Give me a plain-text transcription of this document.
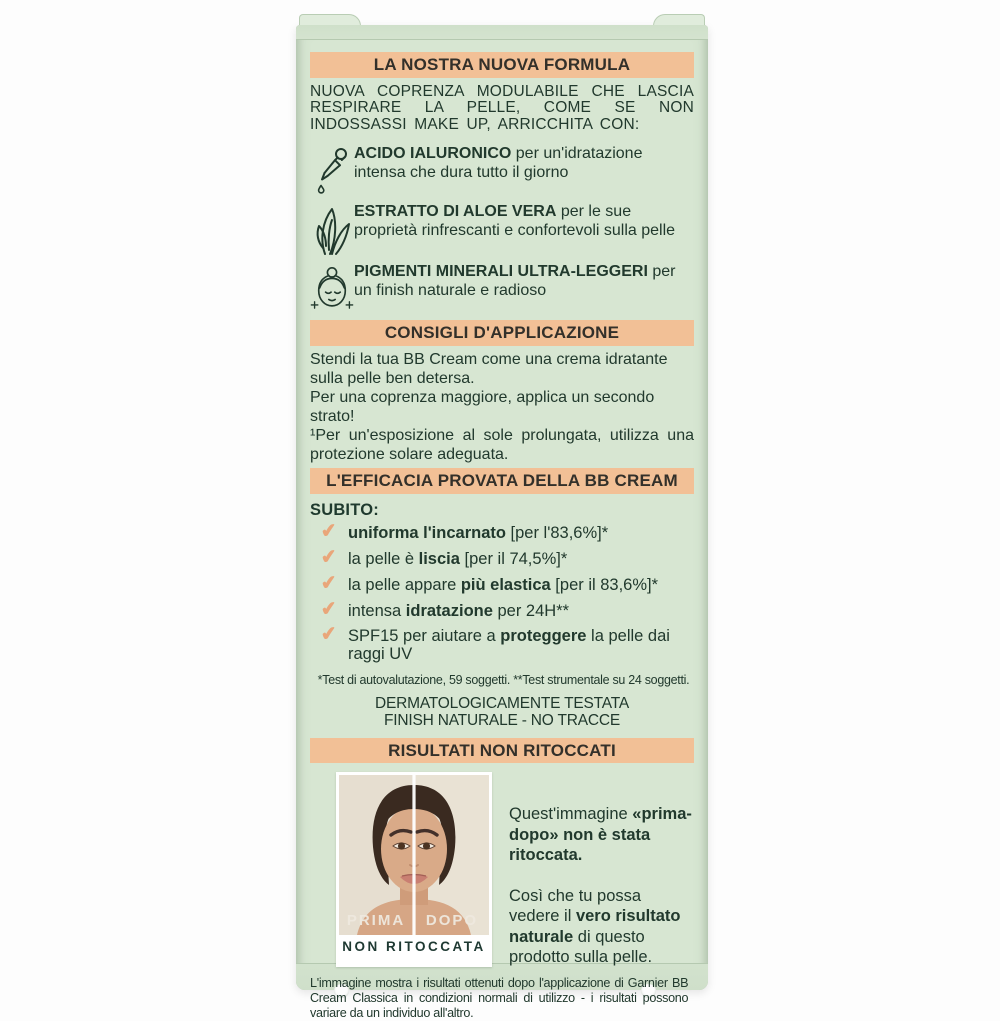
LA NOSTRA NUOVA FORMULA

NUOVA COPRENZA MODULABILE CHE LASCIA RESPIRARE LA PELLE, COME SE NON INDOSSASSI MAKE UP, ARRICCHITA CON:

ACIDO IALURONICO per un'idratazione intensa che dura tutto il giorno
ESTRATTO DI ALOE VERA per le sue proprietà rinfrescanti e confortevoli sulla pelle
PIGMENTI MINERALI ULTRA-LEGGERI per un finish naturale e radioso
CONSIGLI D'APPLICAZIONE

Stendi la tua BB Cream come una crema idratante sulla pelle ben detersa.

Per una coprenza maggiore, applica un secondo strato!

¹Per un'esposizione al sole prolungata, utilizza una protezione solare adeguata.

L'EFFICACIA PROVATA DELLA BB CREAM
SUBITO:
✔ uniforma l'incarnato [per l'83,6%]*
✔ la pelle è liscia [per il 74,5%]*
✔ la pelle appare più elastica [per il 83,6%]*
✔ intensa idratazione per 24H**
✔ SPF15 per aiutare a proteggere la pelle dai raggi UV
*Test di autovalutazione, 59 soggetti. **Test strumentale su 24 soggetti.
DERMATOLOGICAMENTE TESTATA
FINISH NATURALE - NO TRACCE
RISULTATI NON RITOCCATI
PRIMA DOPO
NON RITOCCATA

Quest'immagine «prima-dopo» non è stata ritoccata.

Così che tu possa vedere il vero risultato naturale di questo prodotto sulla pelle.

L'immagine mostra i risultati ottenuti dopo l'applicazione di Garnier BB Cream Classica in condizioni normali di utilizzo - i risultati possono variare da un individuo all'altro.
